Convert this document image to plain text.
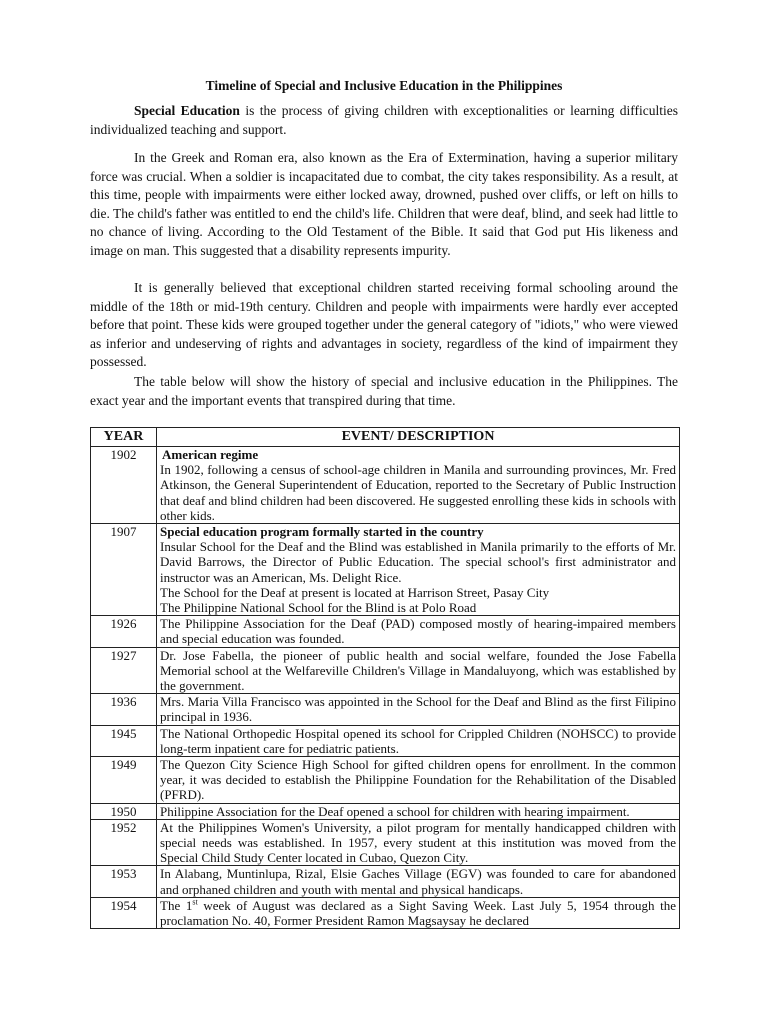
Timeline of Special and Inclusive Education in the Philippines

Special Education is the process of giving children with exceptionalities or learning difficulties individualized teaching and support.

In the Greek and Roman era, also known as the Era of Extermination, having a superior military force was crucial. When a soldier is incapacitated due to combat, the city takes responsibility. As a result, at this time, people with impairments were either locked away, drowned, pushed over cliffs, or left on hills to die. The child's father was entitled to end the child's life. Children that were deaf, blind, and seek had little to no chance of living. According to the Old Testament of the Bible. It said that God put His likeness and image on man. This suggested that a disability represents impurity.

It is generally believed that exceptional children started receiving formal schooling around the middle of the 18th or mid-19th century. Children and people with impairments were hardly ever accepted before that point. These kids were grouped together under the general category of "idiots," who were viewed as inferior and undeserving of rights and advantages in society, regardless of the kind of impairment they possessed.

The table below will show the history of special and inclusive education in the Philippines. The exact year and the important events that transpired during that time.

YEAR	EVENT/ DESCRIPTION
1902	American regime
In 1902, following a census of school-age children in Manila and surrounding provinces, Mr. Fred Atkinson, the General Superintendent of Education, reported to the Secretary of Public Instruction that deaf and blind children had been discovered. He suggested enrolling these kids in schools with other kids.

1907	Special education program formally started in the country
Insular School for the Deaf and the Blind was established in Manila primarily to the efforts of Mr. David Barrows, the Director of Public Education. The special school's first administrator and instructor was an American, Ms. Delight Rice.
The School for the Deaf at present is located at Harrison Street, Pasay City
The Philippine National School for the Blind is at Polo Road

1926	The Philippine Association for the Deaf (PAD) composed mostly of hearing-impaired members and special education was founded.
1927	Dr. Jose Fabella, the pioneer of public health and social welfare, founded the Jose Fabella Memorial school at the Welfareville Children's Village in Mandaluyong, which was established by the government.
1936	Mrs. Maria Villa Francisco was appointed in the School for the Deaf and Blind as the first Filipino principal in 1936.
1945	The National Orthopedic Hospital opened its school for Crippled Children (NOHSCC) to provide long-term inpatient care for pediatric patients.
1949	The Quezon City Science High School for gifted children opens for enrollment. In the common year, it was decided to establish the Philippine Foundation for the Rehabilitation of the Disabled (PFRD).
1950	Philippine Association for the Deaf opened a school for children with hearing impairment.
1952	At the Philippines Women's University, a pilot program for mentally handicapped children with special needs was established. In 1957, every student at this institution was moved from the Special Child Study Center located in Cubao, Quezon City.
1953	In Alabang, Muntinlupa, Rizal, Elsie Gaches Village (EGV) was founded to care for abandoned and orphaned children and youth with mental and physical handicaps.
1954	The 1st week of August was declared as a Sight Saving Week. Last July 5, 1954 through the proclamation No. 40, Former President Ramon Magsaysay he declared
